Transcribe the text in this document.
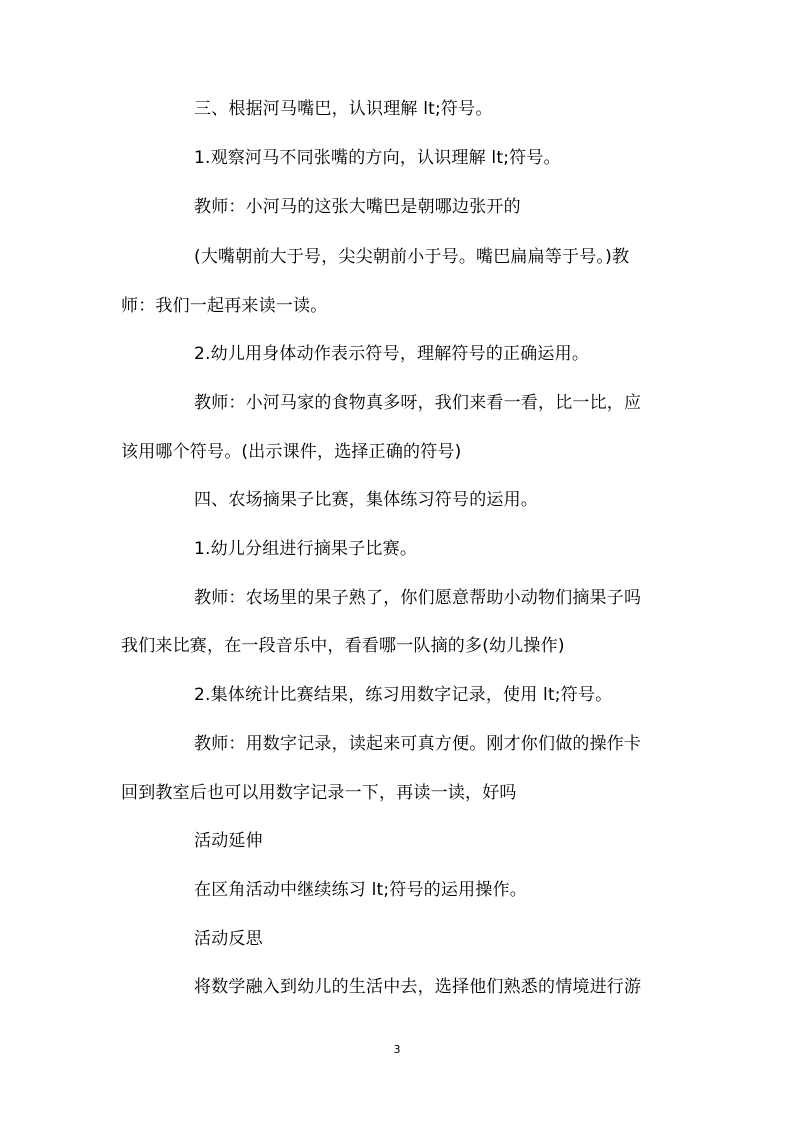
三、根据河马嘴巴，认识理解 lt;符号。
1.观察河马不同张嘴的方向，认识理解 lt;符号。
教师：小河马的这张大嘴巴是朝哪边张开的
(大嘴朝前大于号，尖尖朝前小于号。嘴巴扁扁等于号。)教
师：我们一起再来读一读。
2.幼儿用身体动作表示符号，理解符号的正确运用。
教师：小河马家的食物真多呀，我们来看一看，比一比，应
该用哪个符号。(出示课件，选择正确的符号)
四、农场摘果子比赛，集体练习符号的运用。
1.幼儿分组进行摘果子比赛。
教师：农场里的果子熟了，你们愿意帮助小动物们摘果子吗
我们来比赛，在一段音乐中，看看哪一队摘的多(幼儿操作)
2.集体统计比赛结果，练习用数字记录，使用 lt;符号。
教师：用数字记录，读起来可真方便。刚才你们做的操作卡
回到教室后也可以用数字记录一下，再读一读，好吗
活动延伸
在区角活动中继续练习 lt;符号的运用操作。
活动反思
将数学融入到幼儿的生活中去，选择他们熟悉的情境进行游
3
